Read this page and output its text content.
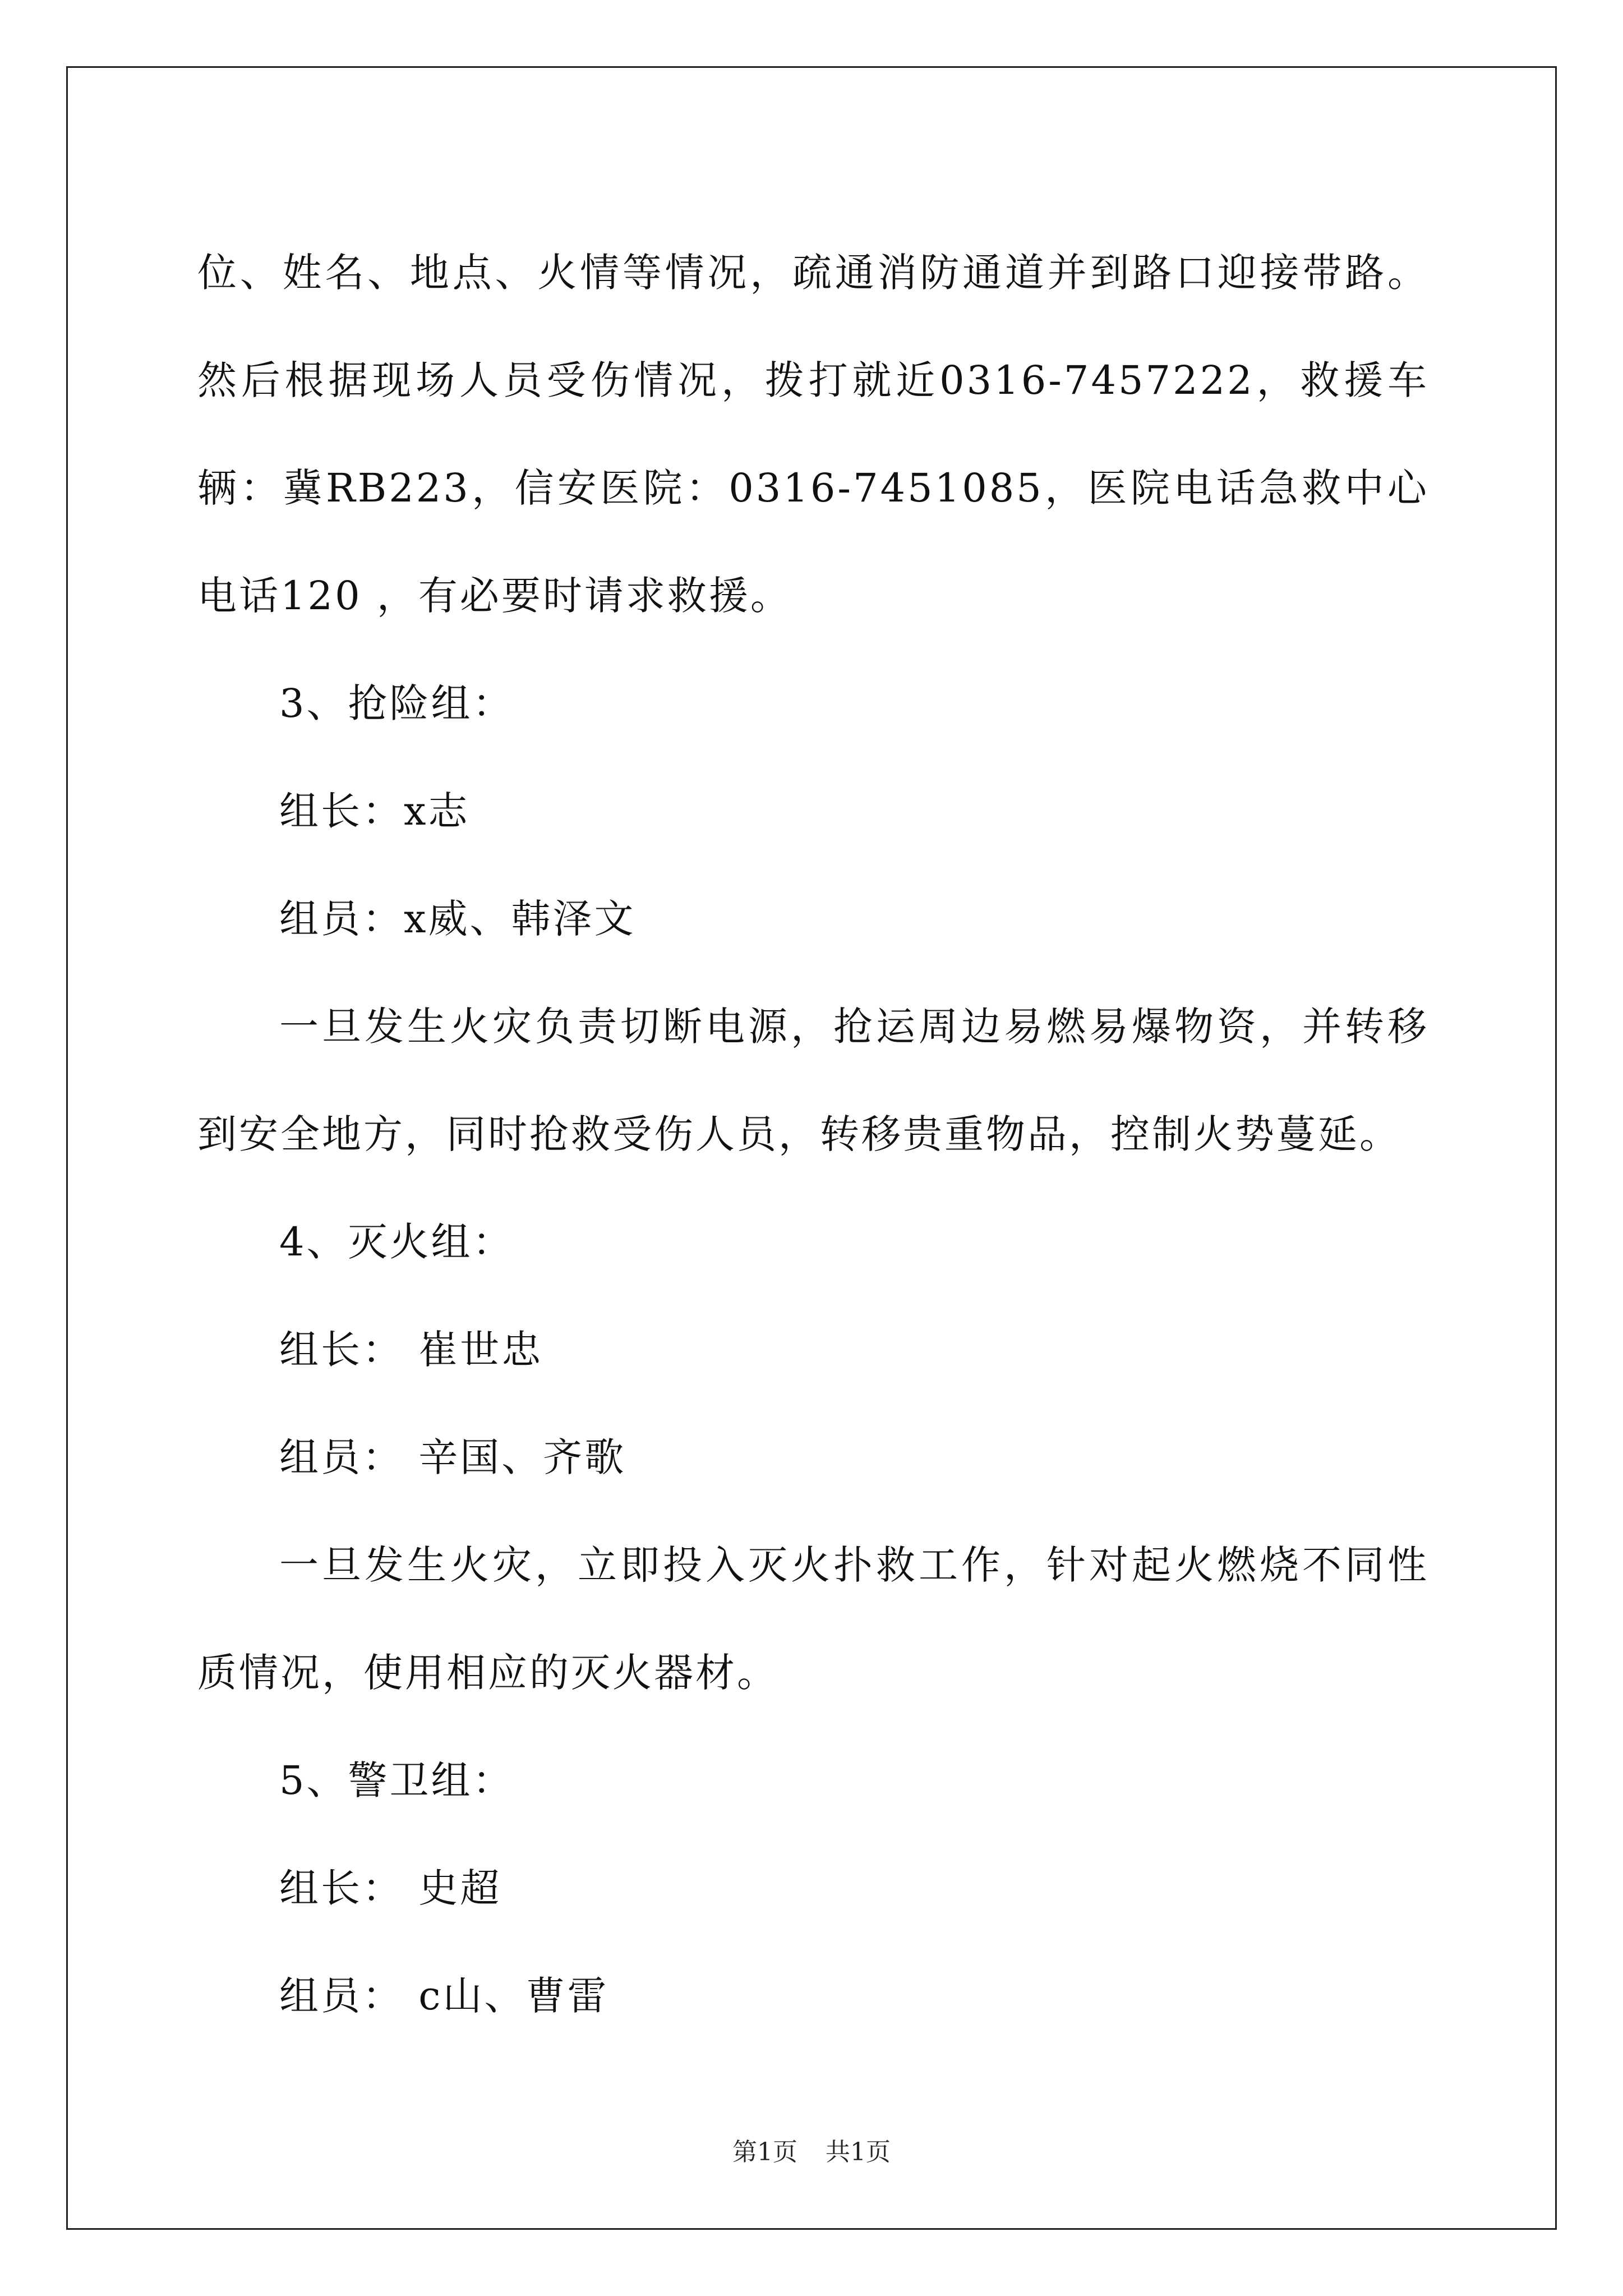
位、姓名、地点、火情等情况，疏通消防通道并到路口迎接带路。然后根据现场人员受伤情况，拨打就近0316-7457222，救援车辆：冀RB223，信安医院：0316-7451085，医院电话急救中心电话120 ，有必要时请求救援。

3、抢险组：

组长：x志

组员：x威、韩泽文

一旦发生火灾负责切断电源，抢运周边易燃易爆物资，并转移到安全地方，同时抢救受伤人员，转移贵重物品，控制火势蔓延。

4、灭火组：

组长： 崔世忠

组员： 辛国、齐歌

一旦发生火灾，立即投入灭火扑救工作，针对起火燃烧不同性质情况，使用相应的灭火器材。

5、警卫组：

组长： 史超

组员： c山、曹雷

第1页 共1页
